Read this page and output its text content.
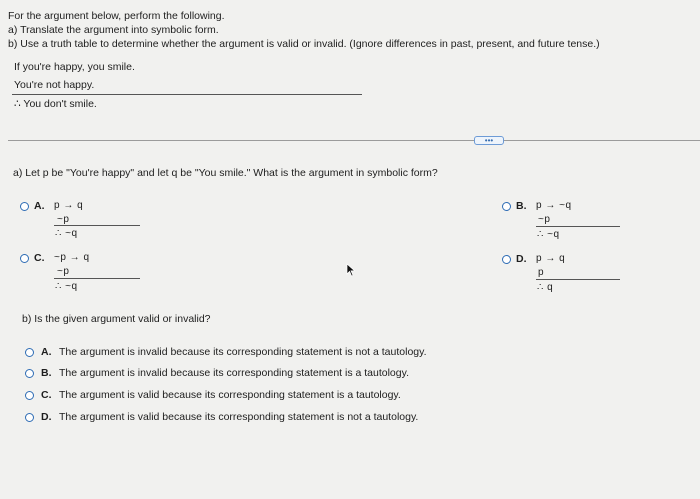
For the argument below, perform the following.
a) Translate the argument into symbolic form.
b) Use a truth table to determine whether the argument is valid or invalid. (Ignore differences in past, present, and future tense.)
If you're happy, you smile.
You're not happy.
∴ You don't smile.
•••
a) Let p be "You're happy" and let q be "You smile." What is the argument in symbolic form?
A. p → q
~p
∴ ~q
C. ~p → q
~p
∴ ~q
B. p → ~q
~p
∴ ~q
D. p → q
p
∴ q
b) Is the given argument valid or invalid?
A. The argument is invalid because its corresponding statement is not a tautology.
B. The argument is invalid because its corresponding statement is a tautology.
C. The argument is valid because its corresponding statement is a tautology.
D. The argument is valid because its corresponding statement is not a tautology.
